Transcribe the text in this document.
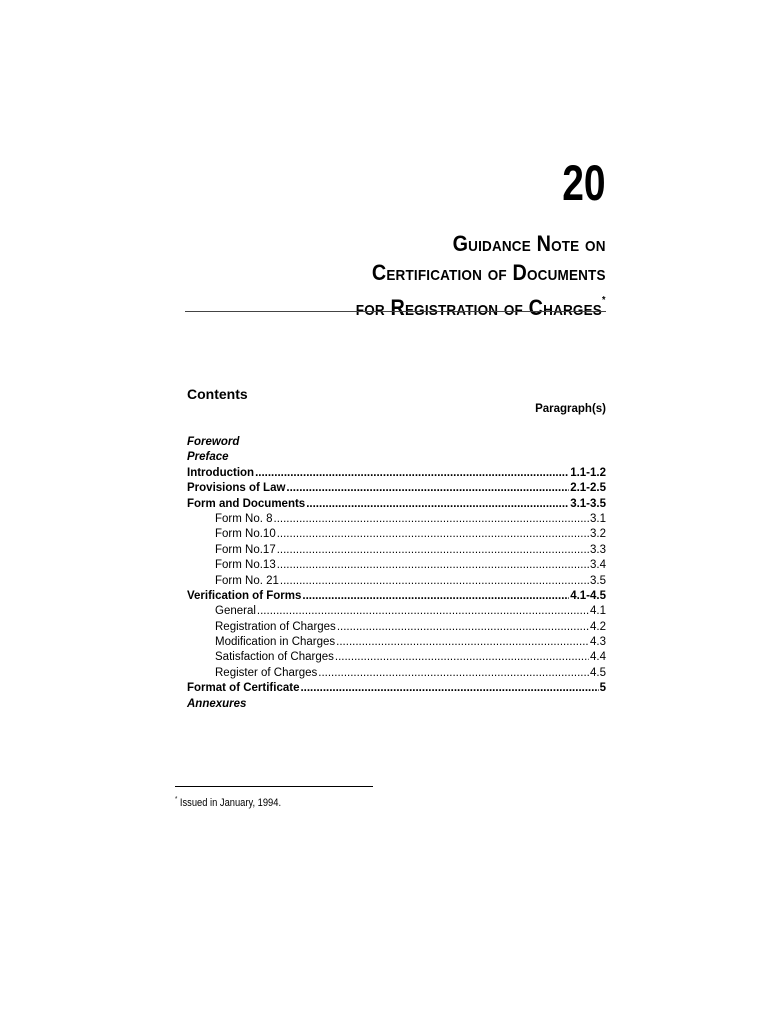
20
Guidance Note on
Certification of Documents
for Registration of Charges*
Contents
Paragraph(s)
Foreword
Preface
Introduction .....	1.1-1.2
Provisions of Law .....	2.1-2.5
Form and Documents .....	3.1-3.5
Form No. 8 .....	3.1
Form No.10 .....	3.2
Form No.17 .....	3.3
Form No.13 .....	3.4
Form No. 21 .....	3.5
Verification of Forms .....	4.1-4.5
General .....	4.1
Registration of Charges .....	4.2
Modification in Charges .....	4.3
Satisfaction of Charges .....	4.4
Register of Charges .....	4.5
Format of Certificate .....	5
Annexures
* Issued in January, 1994.
